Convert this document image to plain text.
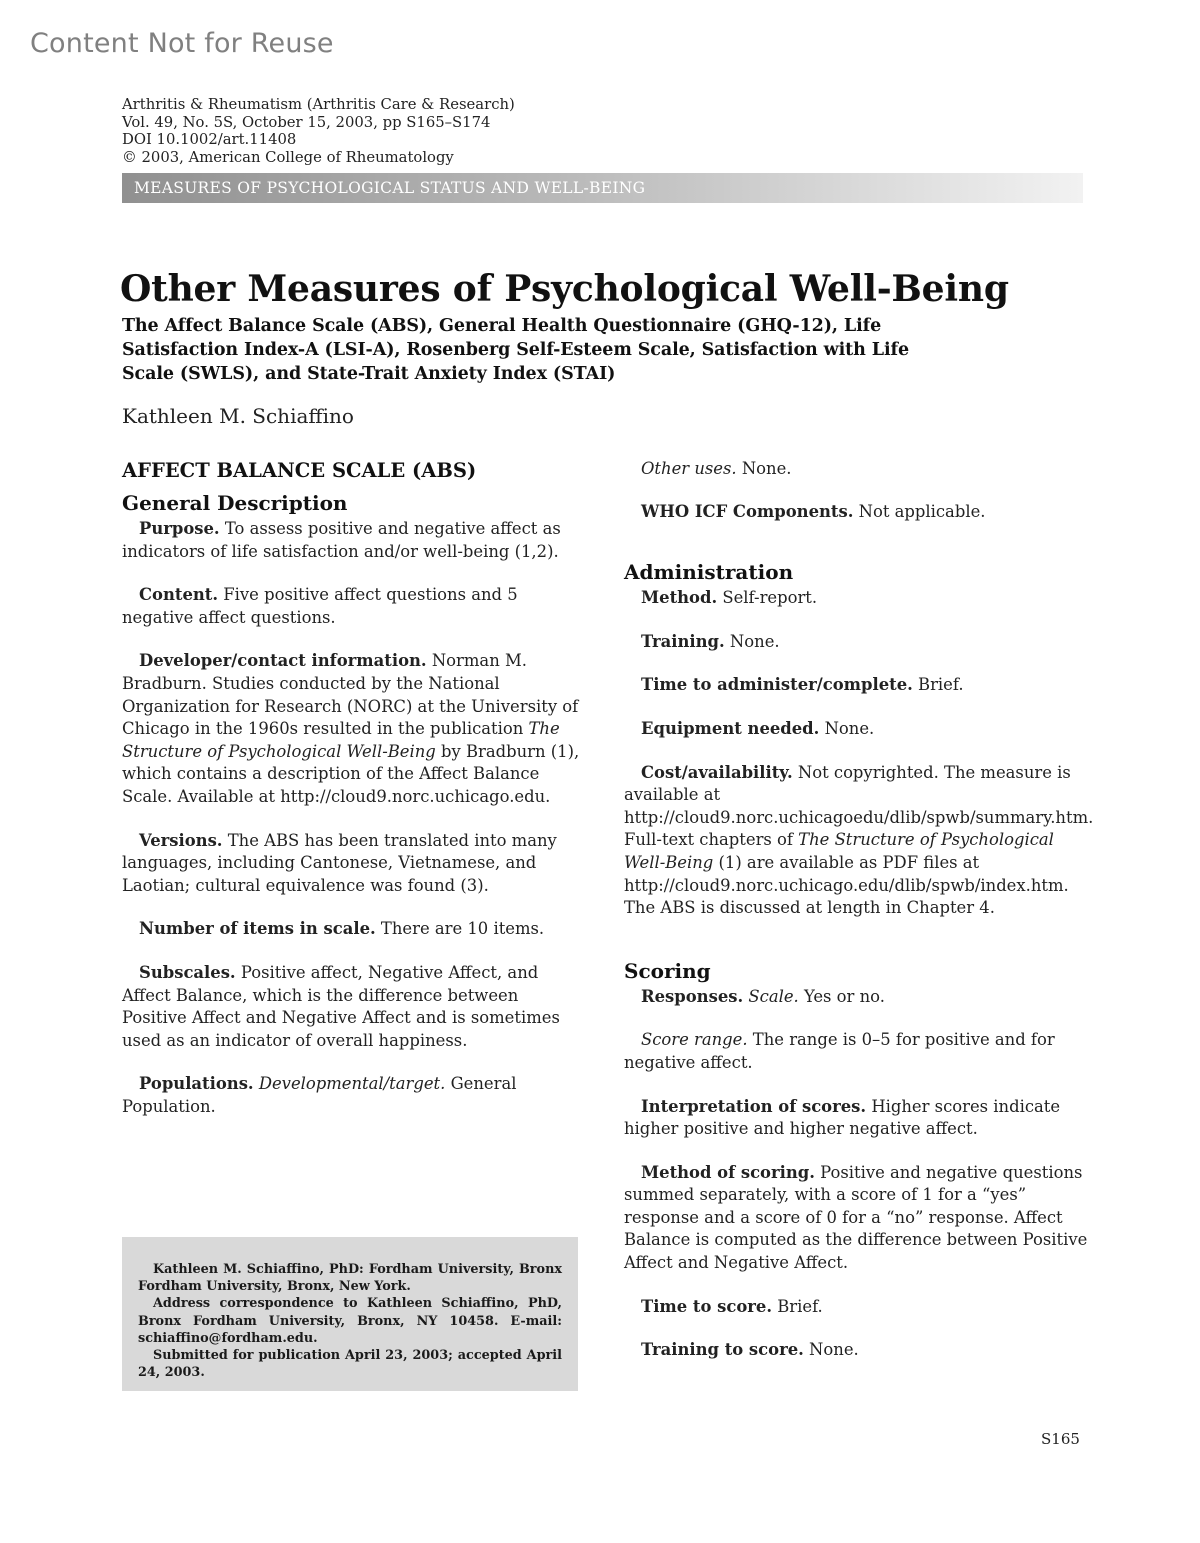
Content Not for Reuse
Arthritis & Rheumatism (Arthritis Care & Research)
Vol. 49, No. 5S, October 15, 2003, pp S165–S174
DOI 10.1002/art.11408
© 2003, American College of Rheumatology
MEASURES OF PSYCHOLOGICAL STATUS AND WELL-BEING
Other Measures of Psychological Well-Being
The Affect Balance Scale (ABS), General Health Questionnaire (GHQ-12), Life Satisfaction Index-A (LSI-A), Rosenberg Self-Esteem Scale, Satisfaction with Life Scale (SWLS), and State-Trait Anxiety Index (STAI)
Kathleen M. Schiaffino
AFFECT BALANCE SCALE (ABS)
General Description

Purpose. To assess positive and negative affect as indicators of life satisfaction and/or well-being (1,2).

Content. Five positive affect questions and 5 negative affect questions.

Developer/contact information. Norman M. Bradburn. Studies conducted by the National Organization for Research (NORC) at the University of Chicago in the 1960s resulted in the publication The Structure of Psychological Well-Being by Bradburn (1), which contains a description of the Affect Balance Scale. Available at http://cloud9.norc.uchicago.edu.

Versions. The ABS has been translated into many languages, including Cantonese, Vietnamese, and Laotian; cultural equivalence was found (3).

Number of items in scale. There are 10 items.

Subscales. Positive affect, Negative Affect, and Affect Balance, which is the difference between Positive Affect and Negative Affect and is sometimes used as an indicator of overall happiness.

Populations. Developmental/target. General Population.

Kathleen M. Schiaffino, PhD: Fordham University, Bronx Fordham University, Bronx, New York.

Address correspondence to Kathleen Schiaffino, PhD, Bronx Fordham University, Bronx, NY 10458. E-mail: schiaffino@fordham.edu.

Submitted for publication April 23, 2003; accepted April 24, 2003.

Other uses. None.

WHO ICF Components. Not applicable.

Administration

Method. Self-report.

Training. None.

Time to administer/complete. Brief.

Equipment needed. None.

Cost/availability. Not copyrighted. The measure is available at http://cloud9.norc.uchicagoedu/dlib/spwb/summary.htm. Full-text chapters of The Structure of Psychological Well-Being (1) are available as PDF files at http://cloud9.norc.uchicago.edu/dlib/spwb/index.htm. The ABS is discussed at length in Chapter 4.

Scoring

Responses. Scale. Yes or no.

Score range. The range is 0–5 for positive and for negative affect.

Interpretation of scores. Higher scores indicate higher positive and higher negative affect.

Method of scoring. Positive and negative questions summed separately, with a score of 1 for a “yes” response and a score of 0 for a “no” response. Affect Balance is computed as the difference between Positive Affect and Negative Affect.

Time to score. Brief.

Training to score. None.

S165
